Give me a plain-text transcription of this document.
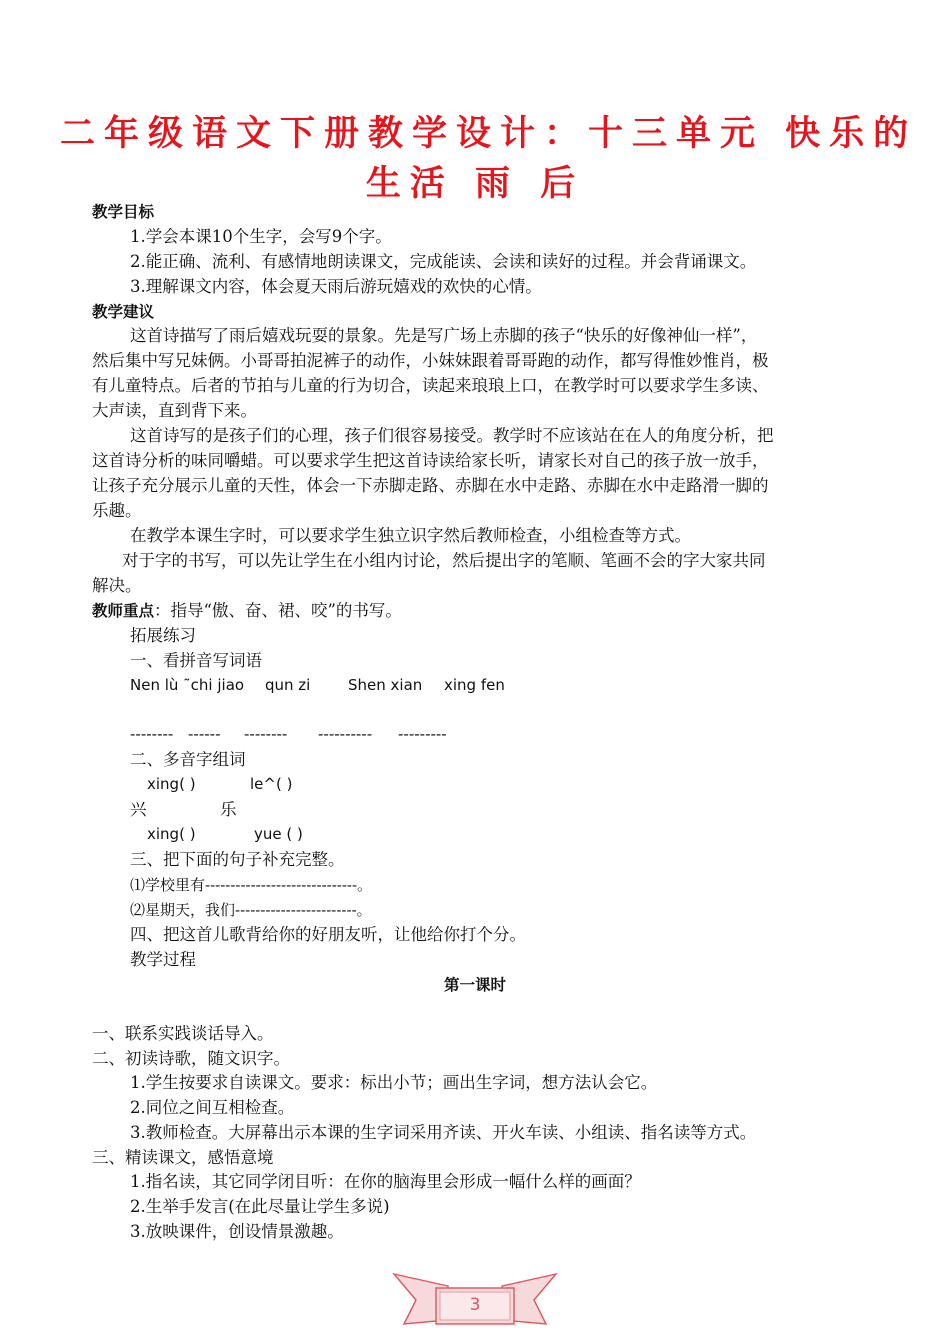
二年级语文下册教学设计：十三单元 快乐的
生活 雨 后
教学目标
1.学会本课10个生字，会写9个字。
2.能正确、流利、有感情地朗读课文，完成能读、会读和读好的过程。并会背诵课文。
3.理解课文内容，体会夏天雨后游玩嬉戏的欢快的心情。
教学建议
这首诗描写了雨后嬉戏玩耍的景象。先是写广场上赤脚的孩子“快乐的好像神仙一样”，
然后集中写兄妹俩。小哥哥拍泥裤子的动作，小妹妹跟着哥哥跑的动作，都写得惟妙惟肖，极
有儿童特点。后者的节拍与儿童的行为切合，读起来琅琅上口，在教学时可以要求学生多读、
大声读，直到背下来。
这首诗写的是孩子们的心理，孩子们很容易接受。教学时不应该站在在人的角度分析，把
这首诗分析的味同嚼蜡。可以要求学生把这首诗读给家长听，请家长对自己的孩子放一放手，
让孩子充分展示儿童的天性，体会一下赤脚走路、赤脚在水中走路、赤脚在水中走路滑一脚的
乐趣。
在教学本课生字时，可以要求学生独立识字然后教师检查，小组检查等方式。
对于字的书写，可以先让学生在小组内讨论，然后提出字的笔顺、笔画不会的字大家共同
解决。
教师重点：指导“傲、奋、裙、咬”的书写。
拓展练习
一、看拼音写词语
Nen lù ˜chi jiao qun zi	Shen xian xing fen
-------- ------ -------- ---------- ---------
二、多音字组词
xing( )	le^( )
兴	乐
xing( )	yue ( )
三、把下面的句子补充完整。
⑴学校里有------------------------------。
⑵星期天，我们------------------------。
四、把这首儿歌背给你的好朋友听，让他给你打个分。
教学过程
第一课时
一、联系实践谈话导入。
二、初读诗歌，随文识字。
1.学生按要求自读课文。要求：标出小节；画出生字词，想方法认会它。
2.同位之间互相检查。
3.教师检查。大屏幕出示本课的生字词采用齐读、开火车读、小组读、指名读等方式。
三、精读课文，感悟意境
1.指名读，其它同学闭目听：在你的脑海里会形成一幅什么样的画面？
2.生举手发言(在此尽量让学生多说)
3.放映课件，创设情景激趣。
3
